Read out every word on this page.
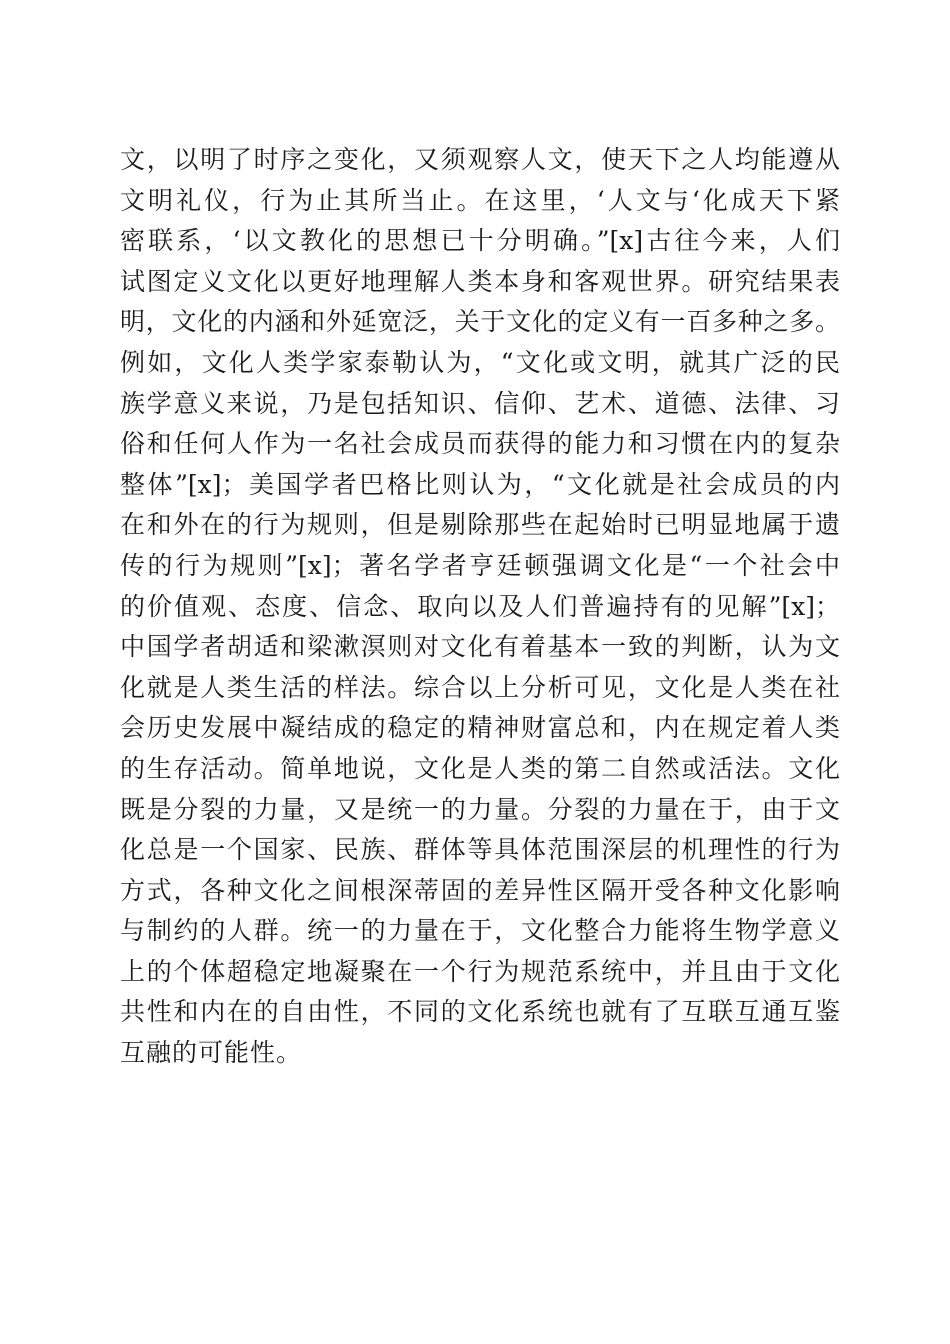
文，以明了时序之变化，又须观察人文，使天下之人均能遵从
文明礼仪，行为止其所当止。在这里，‘人文与‘化成天下紧
密联系，‘以文教化的思想已十分明确。”[x]古往今来，人们
试图定义文化以更好地理解人类本身和客观世界。研究结果表
明，文化的内涵和外延宽泛，关于文化的定义有一百多种之多。
例如，文化人类学家泰勒认为，“文化或文明，就其广泛的民
族学意义来说，乃是包括知识、信仰、艺术、道德、法律、习
俗和任何人作为一名社会成员而获得的能力和习惯在内的复杂
整体”[x]；美国学者巴格比则认为，“文化就是社会成员的内
在和外在的行为规则，但是剔除那些在起始时已明显地属于遗
传的行为规则”[x]；著名学者亨廷顿强调文化是“一个社会中
的价值观、态度、信念、取向以及人们普遍持有的见解”[x]；
中国学者胡适和梁漱溟则对文化有着基本一致的判断，认为文
化就是人类生活的样法。综合以上分析可见，文化是人类在社
会历史发展中凝结成的稳定的精神财富总和，内在规定着人类
的生存活动。简单地说，文化是人类的第二自然或活法。文化
既是分裂的力量，又是统一的力量。分裂的力量在于，由于文
化总是一个国家、民族、群体等具体范围深层的机理性的行为
方式，各种文化之间根深蒂固的差异性区隔开受各种文化影响
与制约的人群。统一的力量在于，文化整合力能将生物学意义
上的个体超稳定地凝聚在一个行为规范系统中，并且由于文化
共性和内在的自由性，不同的文化系统也就有了互联互通互鉴
互融的可能性。
